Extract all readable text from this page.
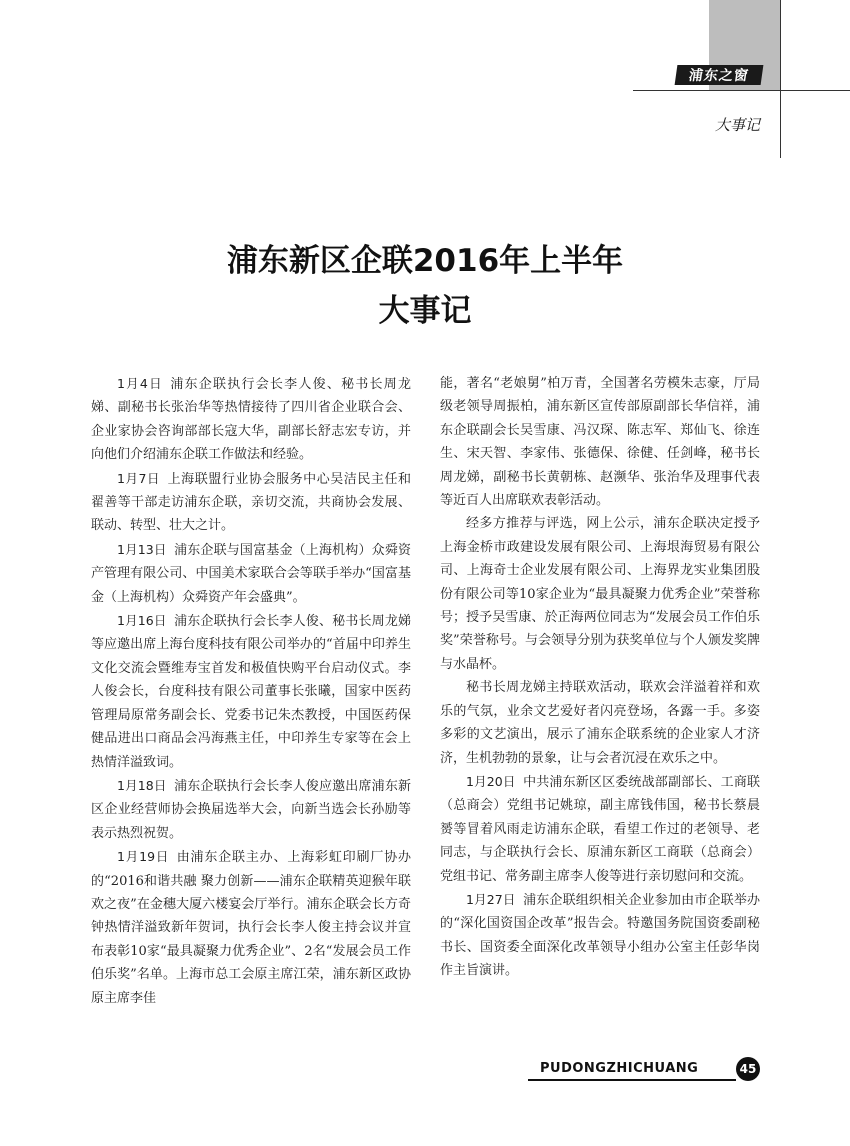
浦东之窗
大事记
浦东新区企联2016年上半年
大事记

1月4日 浦东企联执行会长李人俊、秘书长周龙娣、副秘书长张治华等热情接待了四川省企业联合会、企业家协会咨询部部长寇大华，副部长舒志宏专访，并向他们介绍浦东企联工作做法和经验。

1月7日 上海联盟行业协会服务中心吴洁民主任和翟善等干部走访浦东企联，亲切交流，共商协会发展、联动、转型、壮大之计。

1月13日 浦东企联与国富基金（上海机构）众舜资产管理有限公司、中国美术家联合会等联手举办“国富基金（上海机构）众舜资产年会盛典”。

1月16日 浦东企联执行会长李人俊、秘书长周龙娣等应邀出席上海台度科技有限公司举办的“首届中印养生文化交流会暨维寿宝首发和极值快购平台启动仪式。李人俊会长，台度科技有限公司董事长张曦，国家中医药管理局原常务副会长、党委书记朱杰教授，中国医药保健品进出口商品会冯海燕主任，中印养生专家等在会上热情洋溢致词。

1月18日 浦东企联执行会长李人俊应邀出席浦东新区企业经营师协会换届选举大会，向新当选会长孙励等表示热烈祝贺。

1月19日 由浦东企联主办、上海彩虹印刷厂协办的“2016和谐共融 聚力创新——浦东企联精英迎猴年联欢之夜”在金穗大厦六楼宴会厅举行。浦东企联会长方奇钟热情洋溢致新年贺词，执行会长李人俊主持会议并宣布表彰10家“最具凝聚力优秀企业”、2名“发展会员工作伯乐奖”名单。上海市总工会原主席江荣，浦东新区政协原主席李佳

能，著名“老娘舅”柏万青，全国著名劳模朱志豪，厅局级老领导周振柏，浦东新区宣传部原副部长华信祥，浦东企联副会长吴雪康、冯汉琛、陈志军、郑仙飞、徐连生、宋天智、李家伟、张德保、徐健、任剑峰，秘书长周龙娣，副秘书长黄朝栋、赵濒华、张治华及理事代表等近百人出席联欢表彰活动。

经多方推荐与评选，网上公示，浦东企联决定授予上海金桥市政建设发展有限公司、上海垠海贸易有限公司、上海奇士企业发展有限公司、上海界龙实业集团股份有限公司等10家企业为“最具凝聚力优秀企业”荣誉称号；授予吴雪康、於正海两位同志为“发展会员工作伯乐奖”荣誉称号。与会领导分别为获奖单位与个人颁发奖牌与水晶杯。

秘书长周龙娣主持联欢活动，联欢会洋溢着祥和欢乐的气氛，业余文艺爱好者闪亮登场，各露一手。多姿多彩的文艺演出，展示了浦东企联系统的企业家人才济济，生机勃勃的景象，让与会者沉浸在欢乐之中。

1月20日 中共浦东新区区委统战部副部长、工商联（总商会）党组书记姚琼，副主席钱伟国，秘书长蔡晨赟等冒着风雨走访浦东企联，看望工作过的老领导、老同志，与企联执行会长、原浦东新区工商联（总商会）党组书记、常务副主席李人俊等进行亲切慰问和交流。

1月27日 浦东企联组织相关企业参加由市企联举办的“深化国资国企改革”报告会。特邀国务院国资委副秘书长、国资委全面深化改革领导小组办公室主任彭华岗作主旨演讲。

PUDONGZHICHUANG	45
